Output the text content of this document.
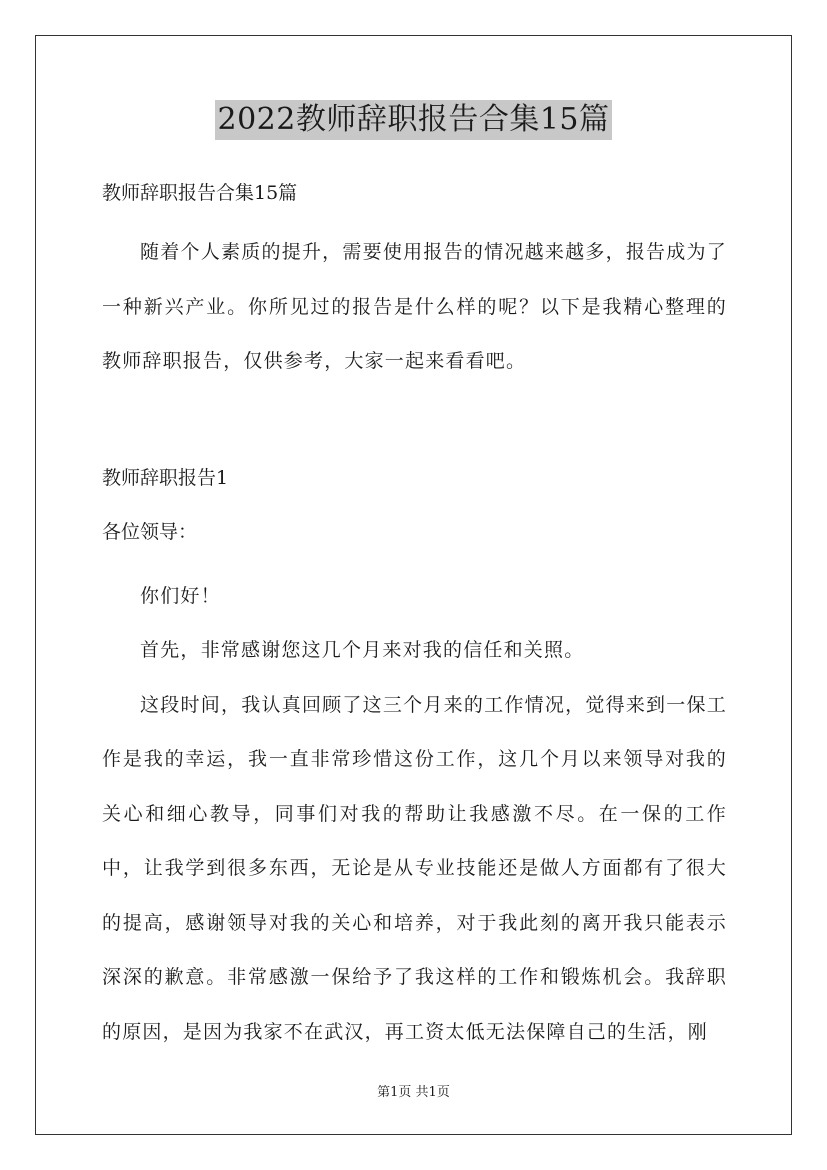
2022教师辞职报告合集15篇
教师辞职报告合集15篇
随着个人素质的提升，需要使用报告的情况越来越多，报告成为了一种新兴产业。你所见过的报告是什么样的呢？以下是我精心整理的教师辞职报告，仅供参考，大家一起来看看吧。
教师辞职报告1
各位领导：
你们好！
首先，非常感谢您这几个月来对我的信任和关照。
这段时间，我认真回顾了这三个月来的工作情况，觉得来到一保工作是我的幸运，我一直非常珍惜这份工作，这几个月以来领导对我的关心和细心教导，同事们对我的帮助让我感激不尽。在一保的工作中，让我学到很多东西，无论是从专业技能还是做人方面都有了很大的提高，感谢领导对我的关心和培养，对于我此刻的离开我只能表示深深的歉意。非常感激一保给予了我这样的工作和锻炼机会。我辞职的原因，是因为我家不在武汉，再工资太低无法保障自己的生活，刚
第1页 共1页
